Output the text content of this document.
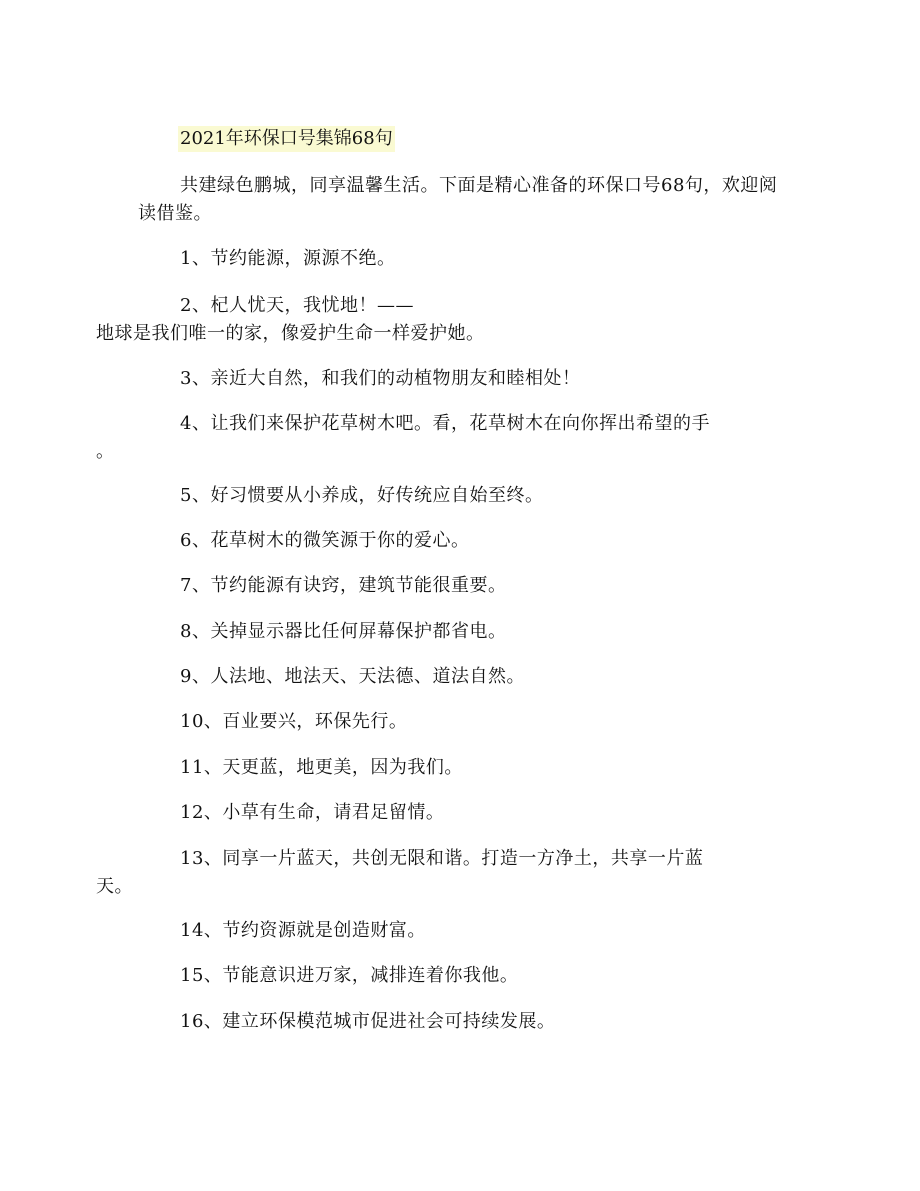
2021年环保口号集锦68句

共建绿色鹏城，同享温馨生活。下面是精心准备的环保口号68句，欢迎阅读借鉴。

1、节约能源，源源不绝。

2、杞人忧天，我忧地！——
地球是我们唯一的家，像爱护生命一样爱护她。

3、亲近大自然，和我们的动植物朋友和睦相处！

4、让我们来保护花草树木吧。看，花草树木在向你挥出希望的手
。

5、好习惯要从小养成，好传统应自始至终。

6、花草树木的微笑源于你的爱心。

7、节约能源有诀窍，建筑节能很重要。

8、关掉显示器比任何屏幕保护都省电。

9、人法地、地法天、天法德、道法自然。

10、百业要兴，环保先行。

11、天更蓝，地更美，因为我们。

12、小草有生命，请君足留情。

13、同享一片蓝天，共创无限和谐。打造一方净土，共享一片蓝
天。

14、节约资源就是创造财富。

15、节能意识进万家，减排连着你我他。

16、建立环保模范城市促进社会可持续发展。
